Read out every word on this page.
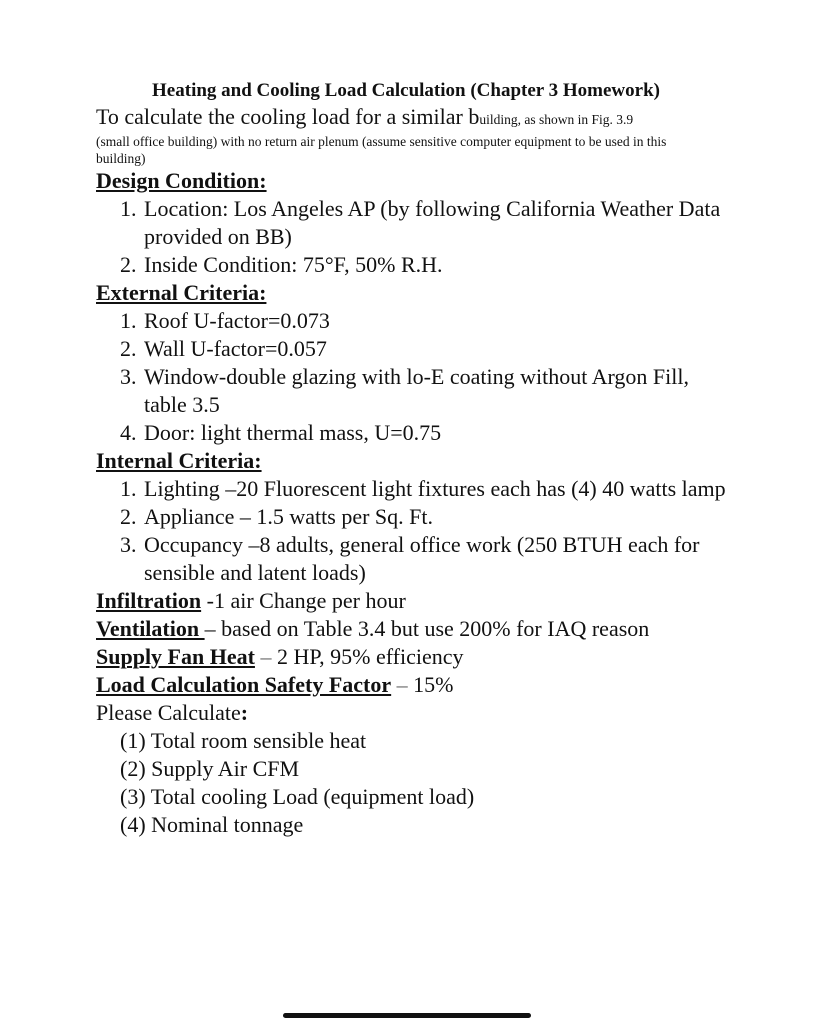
Heating and Cooling Load Calculation (Chapter 3 Homework)
To calculate the cooling load for a similar building, as shown in Fig. 3.9
(small office building) with no return air plenum (assume sensitive computer equipment to be used in this building)
Design Condition:
1. Location: Los Angeles AP (by following California Weather Data provided on BB)
2. Inside Condition: 75°F, 50% R.H.
External Criteria:
1. Roof U-factor=0.073
2. Wall U-factor=0.057
3. Window-double glazing with lo-E coating without Argon Fill, table 3.5
4. Door: light thermal mass, U=0.75
Internal Criteria:
1. Lighting –20 Fluorescent light fixtures each has (4) 40 watts lamp
2. Appliance – 1.5 watts per Sq. Ft.
3. Occupancy –8 adults, general office work (250 BTUH each for sensible and latent loads)
Infiltration -1 air Change per hour
Ventilation – based on Table 3.4 but use 200% for IAQ reason
Supply Fan Heat – 2 HP, 95% efficiency
Load Calculation Safety Factor – 15%
Please Calculate:
(1) Total room sensible heat
(2) Supply Air CFM
(3) Total cooling Load (equipment load)
(4) Nominal tonnage
